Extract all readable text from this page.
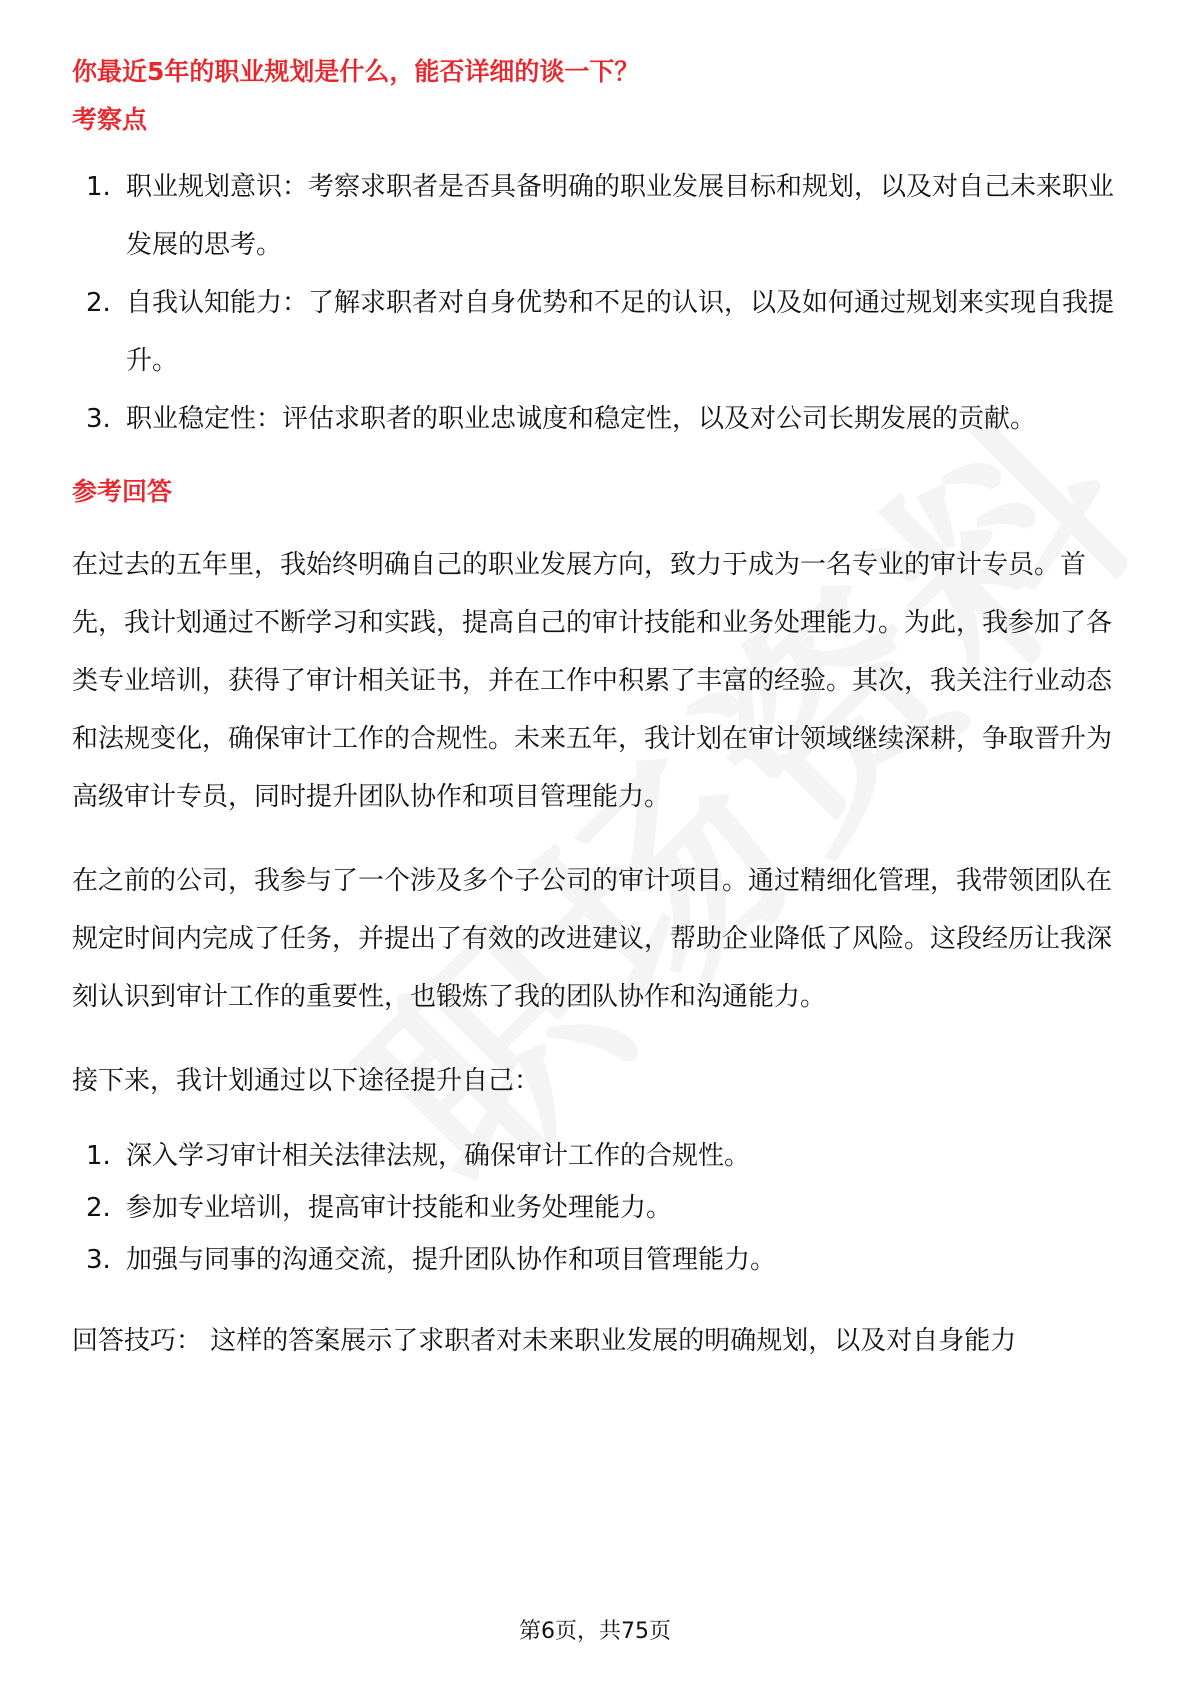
你最近5年的职业规划是什么，能否详细的谈一下？
考察点
1. 职业规划意识：考察求职者是否具备明确的职业发展目标和规划，以及对自己未来职业发展的思考。
2. 自我认知能力：了解求职者对自身优势和不足的认识，以及如何通过规划来实现自我提升。
3. 职业稳定性：评估求职者的职业忠诚度和稳定性，以及对公司长期发展的贡献。
参考回答

在过去的五年里，我始终明确自己的职业发展方向，致力于成为一名专业的审计专员。首先，我计划通过不断学习和实践，提高自己的审计技能和业务处理能力。为此，我参加了各类专业培训，获得了审计相关证书，并在工作中积累了丰富的经验。其次，我关注行业动态和法规变化，确保审计工作的合规性。未来五年，我计划在审计领域继续深耕，争取晋升为高级审计专员，同时提升团队协作和项目管理能力。

在之前的公司，我参与了一个涉及多个子公司的审计项目。通过精细化管理，我带领团队在规定时间内完成了任务，并提出了有效的改进建议，帮助企业降低了风险。这段经历让我深刻认识到审计工作的重要性，也锻炼了我的团队协作和沟通能力。

接下来，我计划通过以下途径提升自己：

1. 深入学习审计相关法律法规，确保审计工作的合规性。
2. 参加专业培训，提高审计技能和业务处理能力。
3. 加强与同事的沟通交流，提升团队协作和项目管理能力。

回答技巧： 这样的答案展示了求职者对未来职业发展的明确规划，以及对自身能力

第6页，共75页
